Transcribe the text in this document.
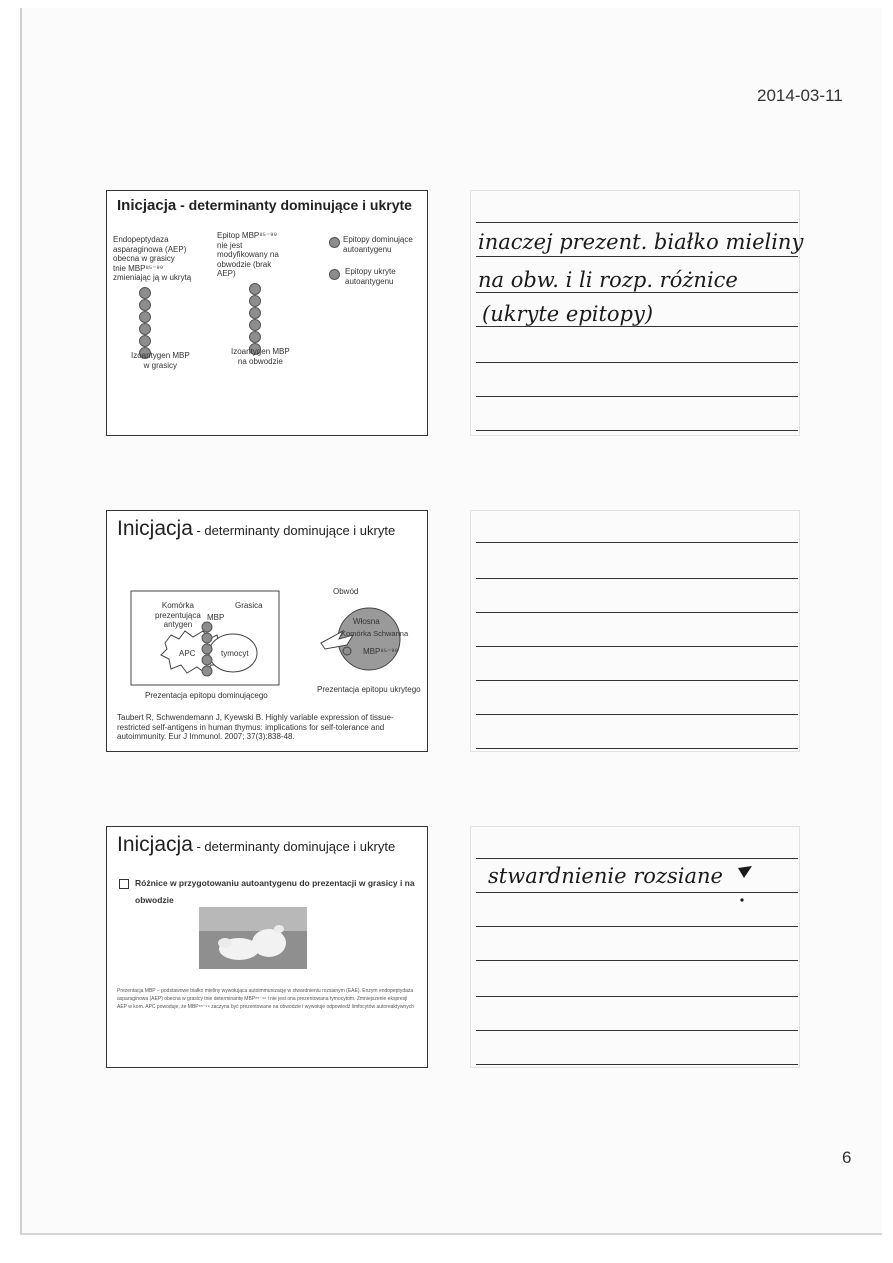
2014-03-11
6
Inicjacja - determinanty dominujące i ukryte
Endopeptydaza
asparaginowa (AEP)
obecna w grasicy
tnie MBP⁸⁵⁻⁹⁹
zmieniając ją w ukrytą
Epitop MBP⁸⁵⁻⁹⁹
nie jest
modyfikowany na
obwodzie (brak
AEP)
Epitopy dominujące
autoantygenu
Epitopy ukryte
autoantygenu
Izoantygen MBP
w grasicy
Izoantygen MBP
na obwodzie
Inicjacja - determinanty dominujące i ukryte
Obwód
Grasica
Komórka
prezentująca
antygen
MBP
APC	tymocyt
Włosna
Komórka Schwanna
MBP⁸⁵⁻⁹⁹
Prezentacja epitopu dominującego
Prezentacja epitopu ukrytego
Taubert R, Schwendemann J, Kyewski B. Highly variable expression of tissue-restricted self-antigens in human thymus: implications for self-tolerance and autoimmunity. Eur J Immunol. 2007; 37(3):838-48.
Inicjacja - determinanty dominujące i ukryte
Różnice w przygotowaniu autoantygenu do prezentacji w grasicy i na obwodzie
Prezentacja MBP – podstawowe białko mieliny wywołująca autoimmunizację w stwardnieniu rozsianym (EAE). Enzym endopeptydaza asparaginowa (AEP) obecna w grasicy tnie determinantę MBP⁸⁵⁻⁹⁹ i nie jest ona prezentowana tymocytom. Zmniejszenie ekspresji AEP w kom. APC powoduje, że MBP⁸⁵⁻⁹⁹ zaczyna być prezentowane na obwodzie i wywołuje odpowiedź limfocytów autoreaktywnych
inaczej prezent. białko mieliny
na obw. i li rozp. różnice
(ukryte epitopy)
stwardnienie rozsiane
